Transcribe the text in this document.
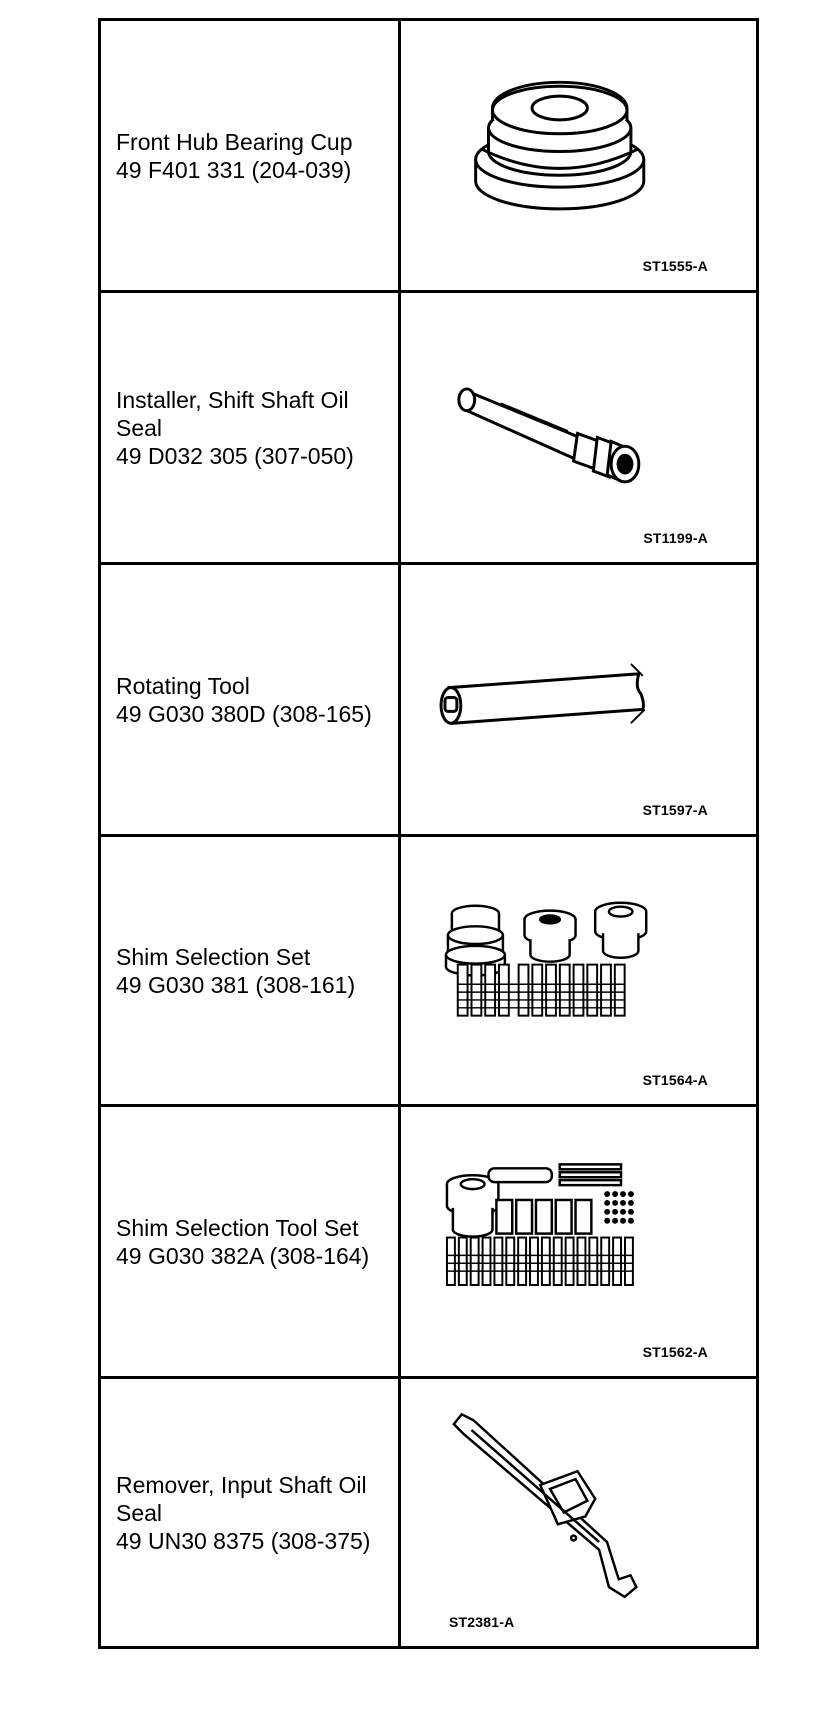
Front Hub Bearing Cup
49 F401 331 (204-039)	ST1555-A

Installer, Shift Shaft Oil Seal
49 D032 305 (307-050)	ST1199-A

Rotating Tool
49 G030 380D (308-165)	ST1597-A

Shim Selection Set
49 G030 381 (308-161)	ST1564-A

Shim Selection Tool Set
49 G030 382A (308-164)	ST1562-A

Remover, Input Shaft Oil Seal
49 UN30 8375 (308-375)	ST2381-A
